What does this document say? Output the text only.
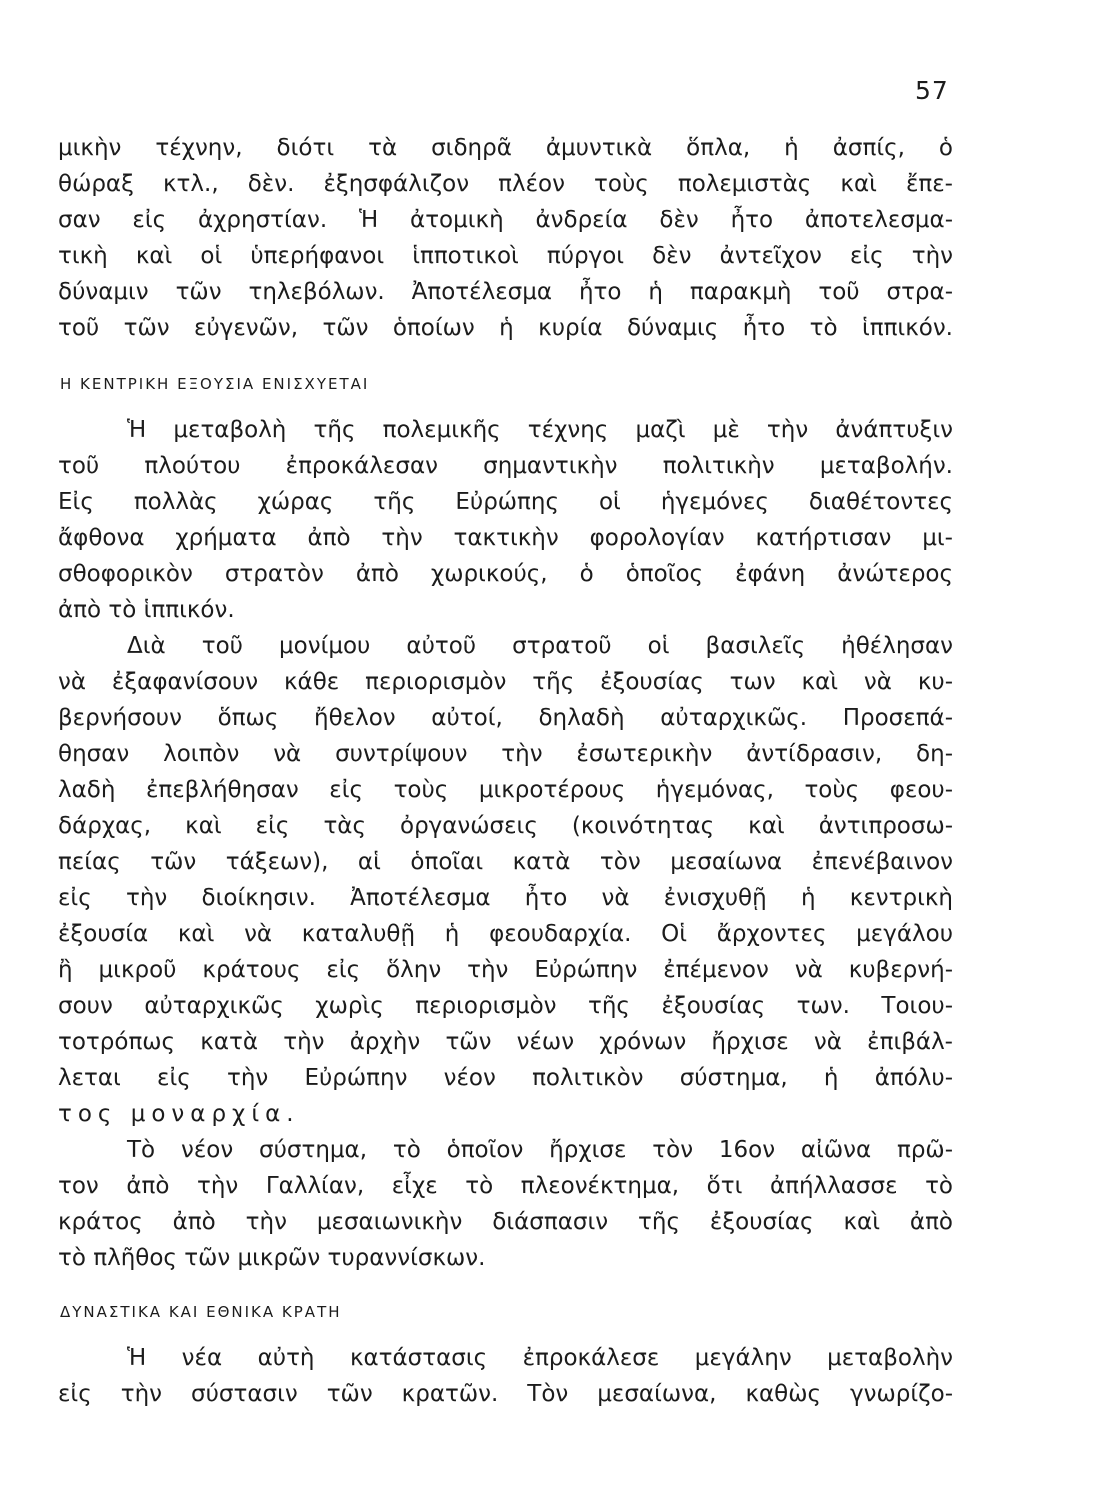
57
μικὴν τέχνην, διότι τὰ σιδηρᾶ ἀμυντικὰ ὅπλα, ἡ ἀσπίς, ὁ
θώραξ κτλ., δὲν. ἐξησφάλιζον πλέον τοὺς πολεμιστὰς καὶ ἔπε-
σαν εἰς ἀχρηστίαν. Ἡ ἀτομικὴ ἀνδρεία δὲν ἦτο ἀποτελεσμα-
τικὴ καὶ οἱ ὑπερήφανοι ἱπποτικοὶ πύργοι δὲν ἀντεῖχον εἰς τὴν
δύναμιν τῶν τηλεβόλων. Ἀποτέλεσμα ἦτο ἡ παρακμὴ τοῦ στρα-
τοῦ τῶν εὐγενῶν, τῶν ὁποίων ἡ κυρία δύναμις ἦτο τὸ ἱππικόν.
Η ΚΕΝΤΡΙΚΗ ΕΞΟΥΣΙΑ ΕΝΙΣΧΥΕΤΑΙ
Ἡ μεταβολὴ τῆς πολεμικῆς τέχνης μαζὶ μὲ τὴν ἀνάπτυξιν
τοῦ πλούτου ἐπροκάλεσαν σημαντικὴν πολιτικὴν μεταβολήν.
Εἰς πολλὰς χώρας τῆς Εὐρώπης οἱ ἡγεμόνες διαθέτοντες
ἄφθονα χρήματα ἀπὸ τὴν τακτικὴν φορολογίαν κατήρτισαν μι-
σθοφορικὸν στρατὸν ἀπὸ χωρικούς, ὁ ὁποῖος ἐφάνη ἀνώτερος
ἀπὸ τὸ ἱππικόν.
Διὰ τοῦ μονίμου αὐτοῦ στρατοῦ οἱ βασιλεῖς ἠθέλησαν
νὰ ἐξαφανίσουν κάθε περιορισμὸν τῆς ἐξουσίας των καὶ νὰ κυ-
βερνήσουν ὅπως ἤθελον αὐτοί, δηλαδὴ αὐταρχικῶς. Προσεπά-
θησαν λοιπὸν νὰ συντρίψουν τὴν ἐσωτερικὴν ἀντίδρασιν, δη-
λαδὴ ἐπεβλήθησαν εἰς τοὺς μικροτέρους ἡγεμόνας, τοὺς φεου-
δάρχας, καὶ εἰς τὰς ὀργανώσεις (κοινότητας καὶ ἀντιπροσω-
πείας τῶν τάξεων), αἱ ὁποῖαι κατὰ τὸν μεσαίωνα ἐπενέβαινον
εἰς τὴν διοίκησιν. Ἀποτέλεσμα ἦτο νὰ ἐνισχυθῇ ἡ κεντρικὴ
ἐξουσία καὶ νὰ καταλυθῇ ἡ φεουδαρχία. Οἱ ἄρχοντες μεγάλου
ἢ μικροῦ κράτους εἰς ὅλην τὴν Εὐρώπην ἐπέμενον νὰ κυβερνή-
σουν αὐταρχικῶς χωρὶς περιορισμὸν τῆς ἐξουσίας των. Τοιου-
τοτρόπως κατὰ τὴν ἀρχὴν τῶν νέων χρόνων ἤρχισε νὰ ἐπιβάλ-
λεται εἰς τὴν Εὐρώπην νέον πολιτικὸν σύστημα, ἡ ἀπόλυ-
τος μοναρχία.
Τὸ νέον σύστημα, τὸ ὁποῖον ἤρχισε τὸν 16ον αἰῶνα πρῶ-
τον ἀπὸ τὴν Γαλλίαν, εἶχε τὸ πλεονέκτημα, ὅτι ἀπήλλασσε τὸ
κράτος ἀπὸ τὴν μεσαιωνικὴν διάσπασιν τῆς ἐξουσίας καὶ ἀπὸ
τὸ πλῆθος τῶν μικρῶν τυραννίσκων.
ΔΥΝΑΣΤΙΚΑ ΚΑΙ ΕΘΝΙΚΑ ΚΡΑΤΗ
Ἡ νέα αὐτὴ κατάστασις ἐπροκάλεσε μεγάλην μεταβολὴν
εἰς τὴν σύστασιν τῶν κρατῶν. Τὸν μεσαίωνα, καθὼς γνωρίζο-
